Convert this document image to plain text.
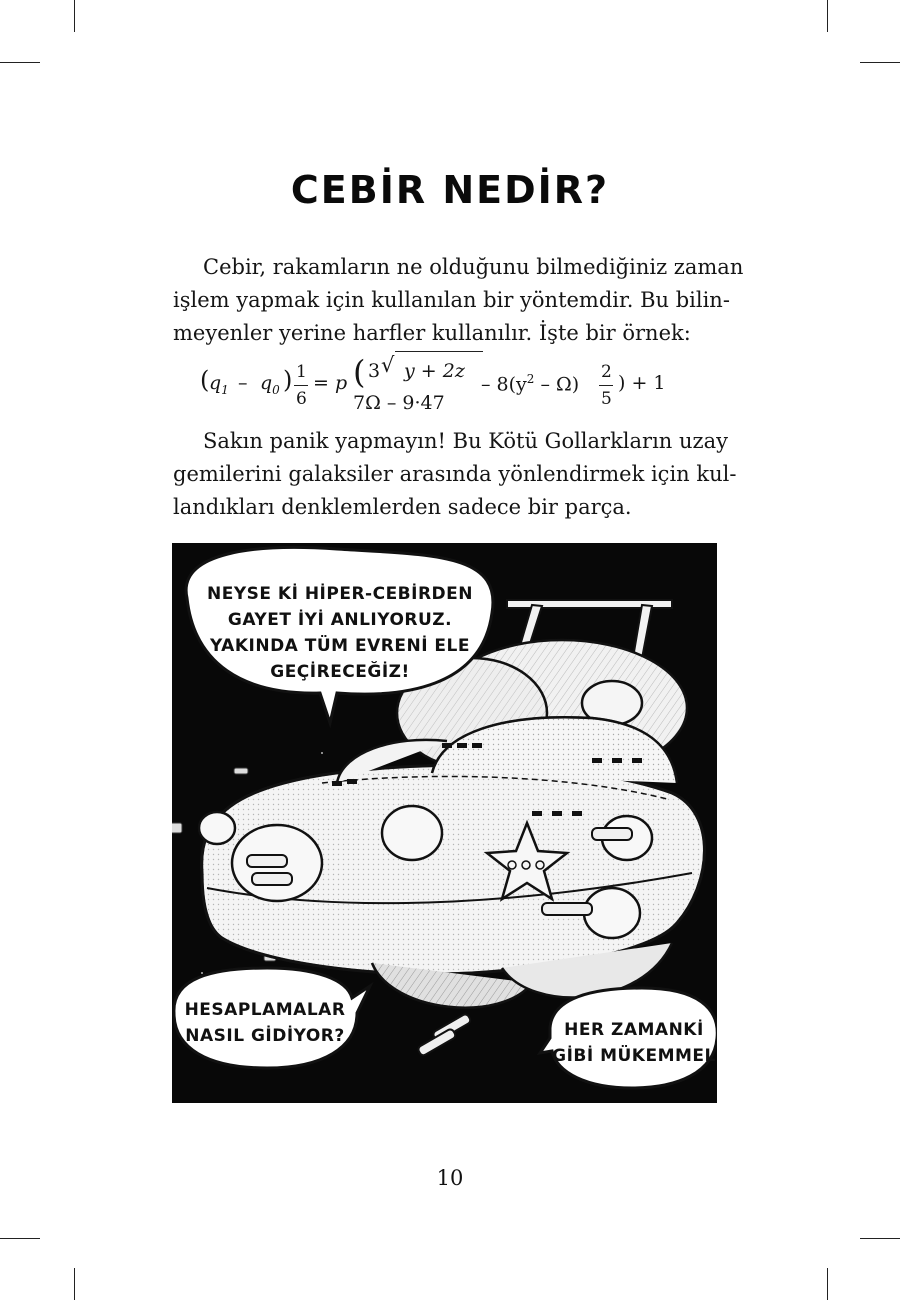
CEBİR NEDİR?

Cebir, rakamların ne olduğunu bilmediğiniz zaman
işlem yapmak için kullanılan bir yöntemdir. Bu bilin-
meyenler yerine harfler kullanılır. İşte bir örnek:

( $q_1 - q_0$ ) 1
6
= p ( 3 √ y + 2z
7Ω – 9·47
– $8(y^2 - \Omega)$
2
5
) + 1

Sakın panik yapmayın! Bu Kötü Gollarkların uzay
gemilerini galaksiler arasında yönlendirmek için kul-
landıkları denklemlerden sadece bir parça.

NEYSE Kİ HİPER-CEBİRDEN
GAYET İYİ ANLIYORUZ.
YAKINDA TÜM EVRENİ ELE
GEÇİRECEĞİZ!
HESAPLAMALAR
NASIL GİDİYOR?	HER ZAMANKİ
GİBİ MÜKEMMEL
10
